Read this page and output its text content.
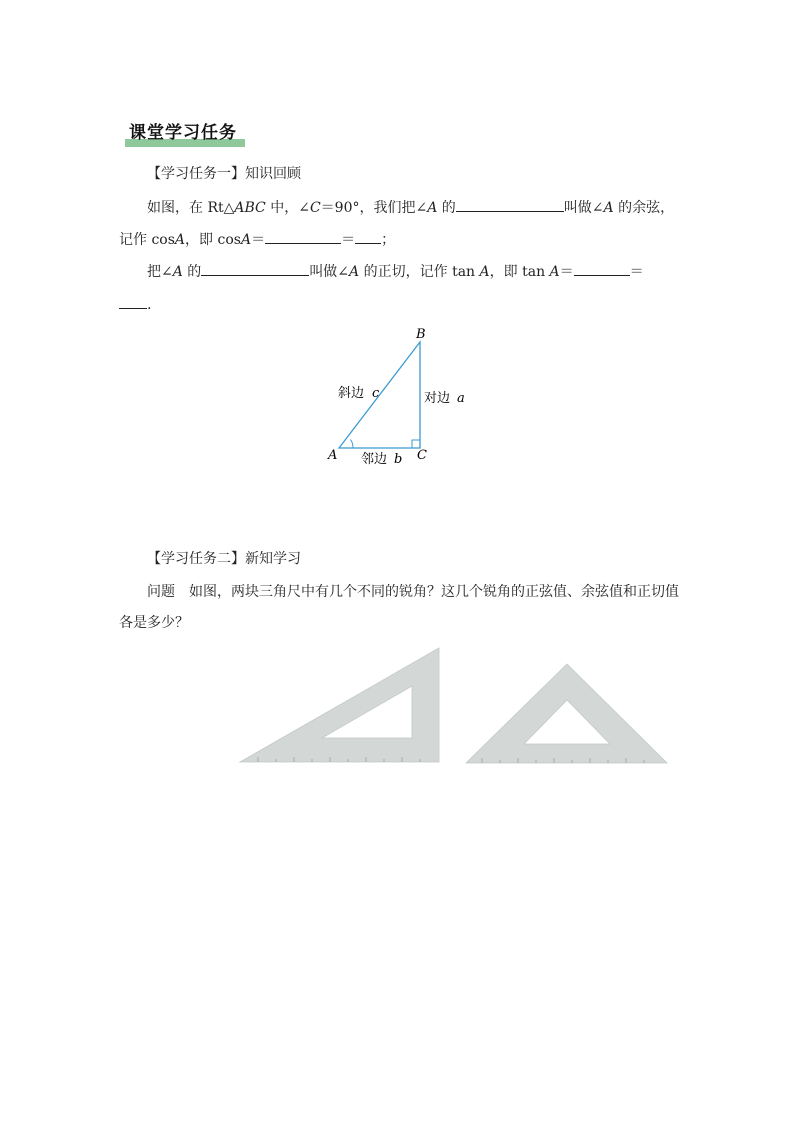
课堂学习任务
【学习任务一】知识回顾
如图，在 Rt△ABC 中，∠C＝90°，我们把∠A 的	叫做∠A 的余弦，
记作 cosA，即 cosA＝	＝ ；
把∠A 的	叫做∠A 的正切，记作 tan A，即 tan A＝	＝
.
A
B
C
斜边 c	对边 a
邻边 b
【学习任务二】新知学习
问题 如图，两块三角尺中有几个不同的锐角？这几个锐角的正弦值、余弦值和正切值
各是多少？
